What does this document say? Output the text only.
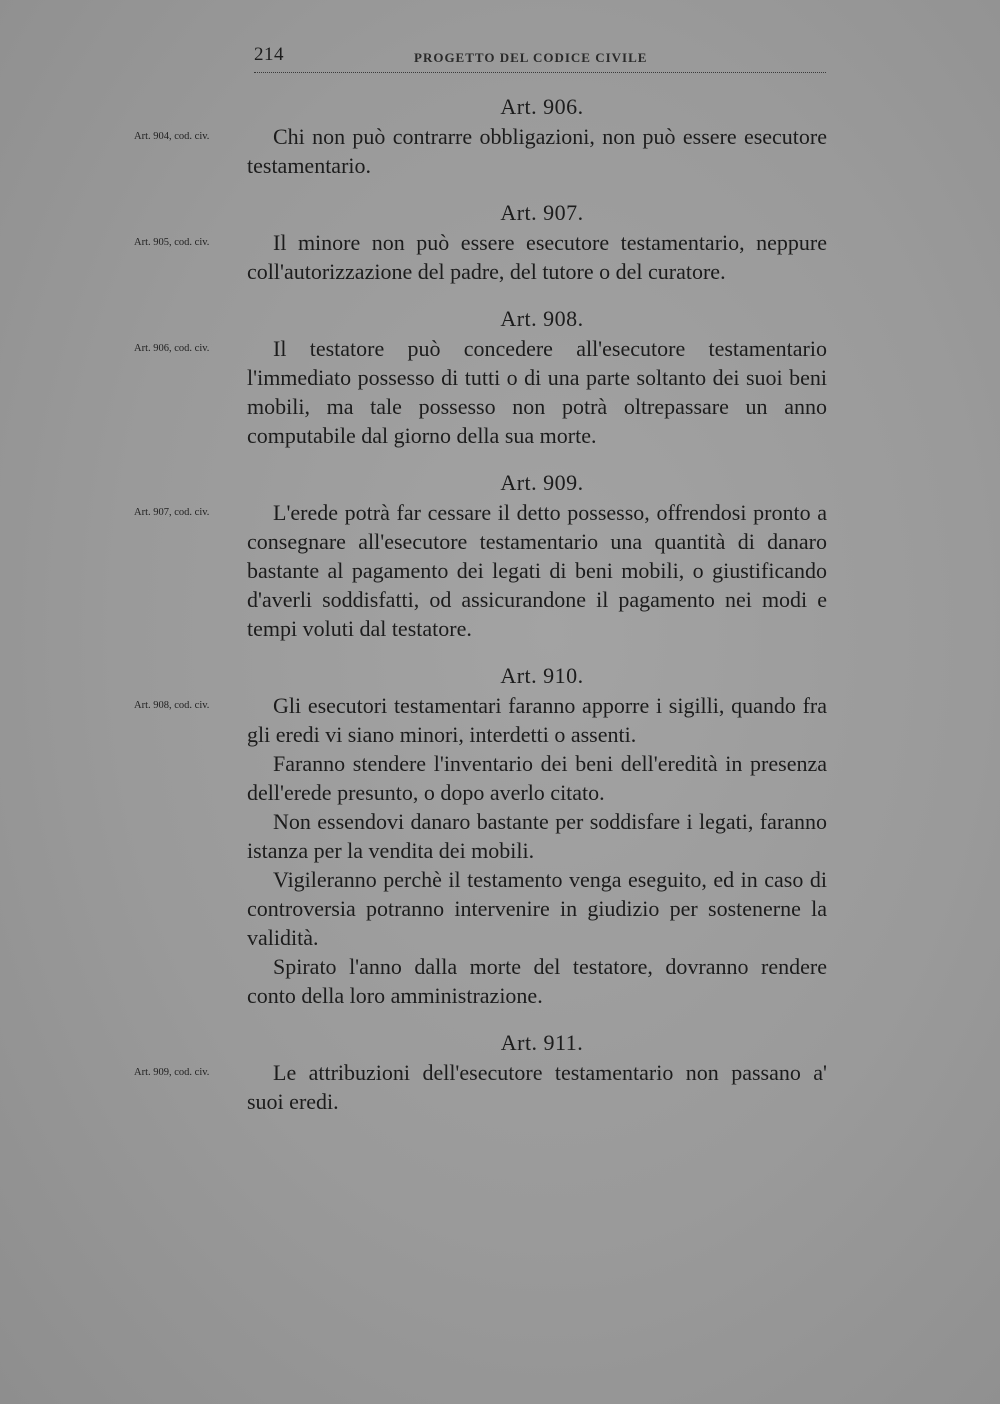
214	PROGETTO DEL CODICE CIVILE
Art. 906.
Art. 904, cod. civ.	Chi non può contrarre obbligazioni, non può essere esecutore testamentario.

Art. 907.
Art. 905, cod. civ.	Il minore non può essere esecutore testamentario, neppure coll'autorizzazione del padre, del tutore o del curatore.

Art. 908.
Art. 906, cod. civ.	Il testatore può concedere all'esecutore testamentario l'immediato possesso di tutti o di una parte soltanto dei suoi beni mobili, ma tale possesso non potrà oltrepassare un anno computabile dal giorno della sua morte.

Art. 909.
Art. 907, cod. civ.	L'erede potrà far cessare il detto possesso, offrendosi pronto a consegnare all'esecutore testamentario una quantità di danaro bastante al pagamento dei legati di beni mobili, o giustificando d'averli soddisfatti, od assicurandone il pagamento nei modi e tempi voluti dal testatore.

Art. 910.
Art. 908, cod. civ.	Gli esecutori testamentari faranno apporre i sigilli, quando fra gli eredi vi siano minori, interdetti o assenti.

Faranno stendere l'inventario dei beni dell'eredità in presenza dell'erede presunto, o dopo averlo citato.

Non essendovi danaro bastante per soddisfare i legati, faranno istanza per la vendita dei mobili.

Vigileranno perchè il testamento venga eseguito, ed in caso di controversia potranno intervenire in giudizio per sostenerne la validità.

Spirato l'anno dalla morte del testatore, dovranno rendere conto della loro amministrazione.

Art. 911.
Art. 909, cod. civ.	Le attribuzioni dell'esecutore testamentario non passano a' suoi eredi.
